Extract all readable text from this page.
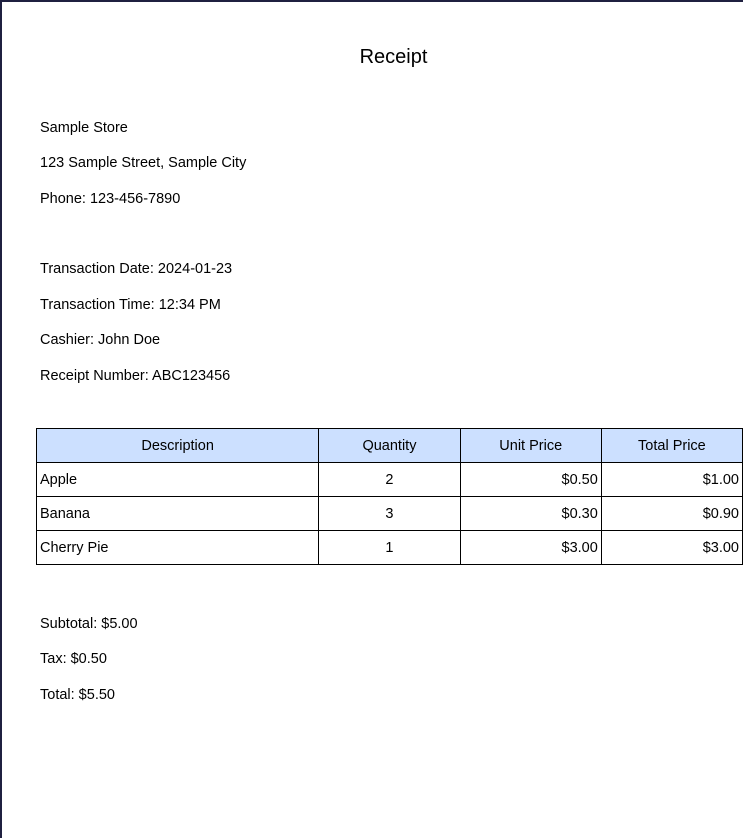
Receipt
Sample Store
123 Sample Street, Sample City
Phone: 123-456-7890
Transaction Date: 2024-01-23
Transaction Time: 12:34 PM
Cashier: John Doe
Receipt Number: ABC123456
Description	Quantity	Unit Price	Total Price
Apple	2	$0.50	$1.00
Banana	3	$0.30	$0.90
Cherry Pie	1	$3.00	$3.00
Subtotal: $5.00
Tax: $0.50
Total: $5.50
